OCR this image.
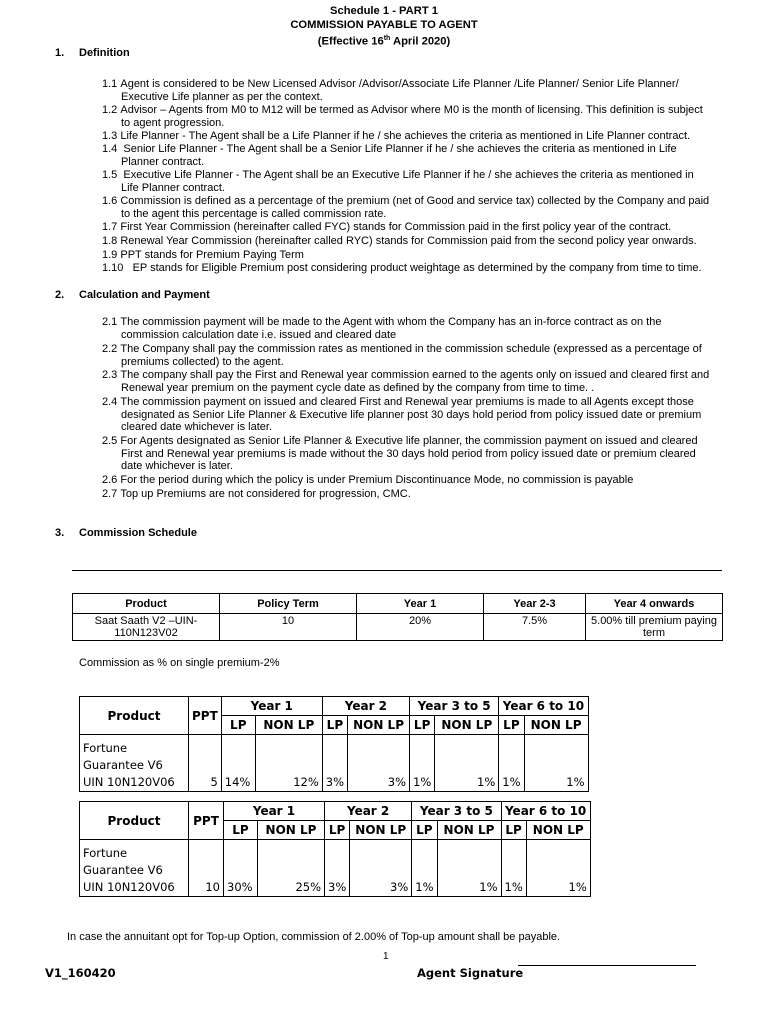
Schedule 1 - PART 1
COMMISSION PAYABLE TO AGENT
(Effective 16th April 2020)
1. Definition
1.1 Agent is considered to be New Licensed Advisor /Advisor/Associate Life Planner /Life Planner/ Senior Life Planner/
Executive Life planner as per the context.
1.2 Advisor – Agents from M0 to M12 will be termed as Advisor where M0 is the month of licensing. This definition is subject
to agent progression.
1.3 Life Planner - The Agent shall be a Life Planner if he / she achieves the criteria as mentioned in Life Planner contract.
1.4  Senior Life Planner - The Agent shall be a Senior Life Planner if he / she achieves the criteria as mentioned in Life
Planner contract.
1.5  Executive Life Planner - The Agent shall be an Executive Life Planner if he / she achieves the criteria as mentioned in
Life Planner contract.
1.6 Commission is defined as a percentage of the premium (net of Good and service tax) collected by the Company and paid
to the agent this percentage is called commission rate.
1.7 First Year Commission (hereinafter called FYC) stands for Commission paid in the first policy year of the contract.
1.8 Renewal Year Commission (hereinafter called RYC) stands for Commission paid from the second policy year onwards.
1.9 PPT stands for Premium Paying Term
1.10   EP stands for Eligible Premium post considering product weightage as determined by the company from time to time.
2. Calculation and Payment
2.1 The commission payment will be made to the Agent with whom the Company has an in-force contract as on the
commission calculation date i.e. issued and cleared date
2.2 The Company shall pay the commission rates as mentioned in the commission schedule (expressed as a percentage of
premiums collected) to the agent.
2.3 The company shall pay the First and Renewal year commission earned to the agents only on issued and cleared first and
Renewal year premium on the payment cycle date as defined by the company from time to time. .
2.4 The commission payment on issued and cleared First and Renewal year premiums is made to all Agents except those
designated as Senior Life Planner & Executive life planner post 30 days hold period from policy issued date or premium
cleared date whichever is later.
2.5 For Agents designated as Senior Life Planner & Executive life planner, the commission payment on issued and cleared
First and Renewal year premiums is made without the 30 days hold period from policy issued date or premium cleared
date whichever is later.
2.6 For the period during which the policy is under Premium Discontinuance Mode, no commission is payable
2.7 Top up Premiums are not considered for progression, CMC.
3. Commission Schedule
Product	Policy Term	Year 1	Year 2-3	Year 4 onwards
Saat Saath V2 –UIN-110N123V02	10	20%	7.5%	5.00% till premium paying term
Commission as % on single premium-2%
Product	PPT	Year 1		Year 2		Year 3 to 5		Year 6 to 10	
		LP	NON LP	LP	NON LP	LP	NON LP	LP	NON LP
Fortune
Guarantee V6
UIN 10N120V06	5	14%	12%	3%	3%	1%	1%	1%	1%
Product	PPT	Year 1		Year 2		Year 3 to 5		Year 6 to 10	
		LP	NON LP	LP	NON LP	LP	NON LP	LP	NON LP
Fortune
Guarantee V6
UIN 10N120V06	10	30%	25%	3%	3%	1%	1%	1%	1%
In case the annuitant opt for Top-up Option, commission of 2.00% of Top-up amount shall be payable.
1
V1_160420	Agent Signature
